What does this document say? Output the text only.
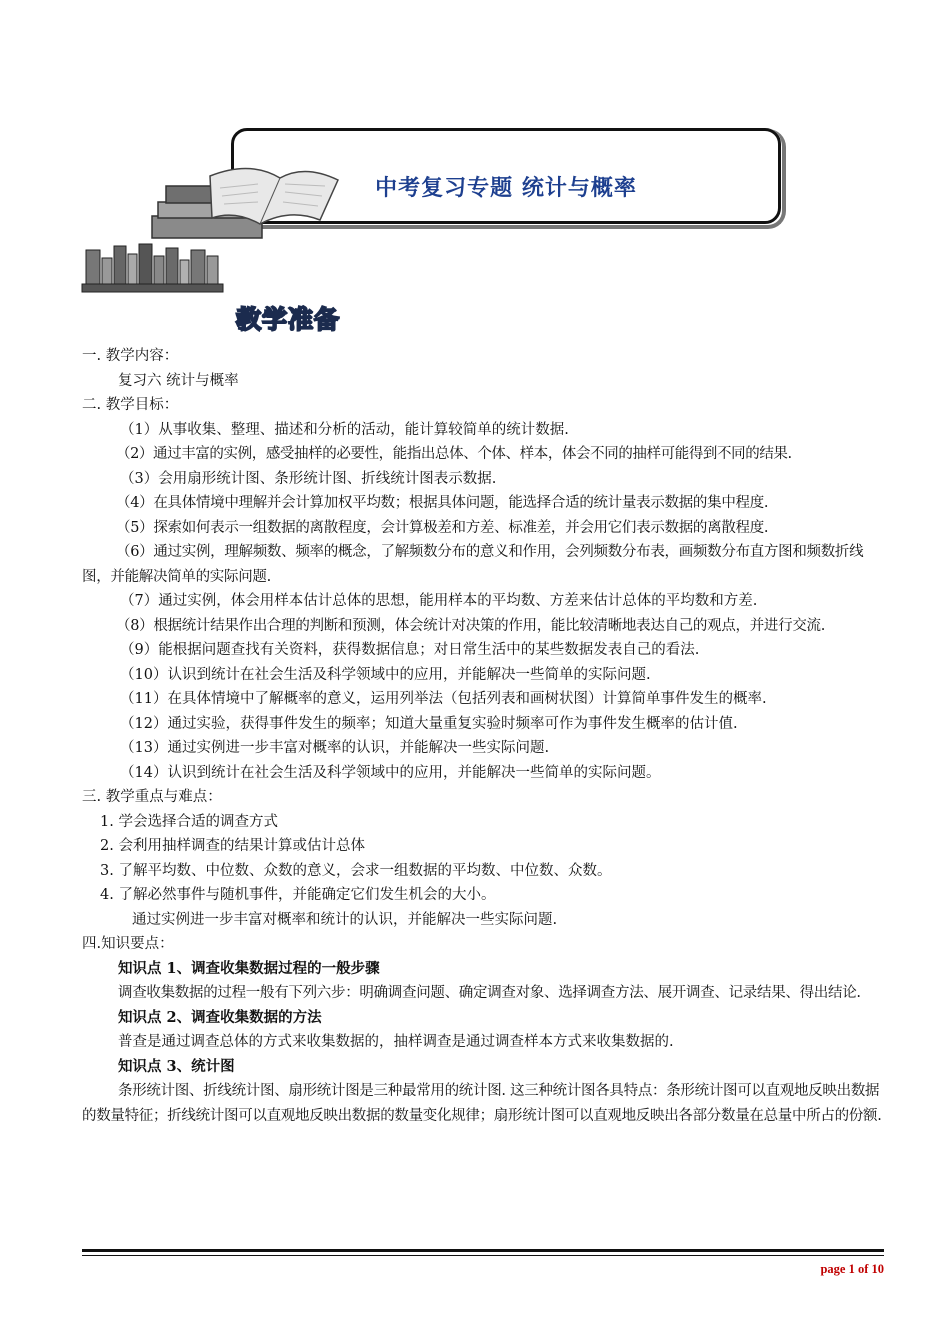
中考复习专题 统计与概率
教学准备

一. 教学内容：

复习六 统计与概率

二. 教学目标：

（1）从事收集、整理、描述和分析的活动，能计算较简单的统计数据.

（2）通过丰富的实例，感受抽样的必要性，能指出总体、个体、样本，体会不同的抽样可能得到不同的结果.

（3）会用扇形统计图、条形统计图、折线统计图表示数据.

（4）在具体情境中理解并会计算加权平均数；根据具体问题，能选择合适的统计量表示数据的集中程度.

（5）探索如何表示一组数据的离散程度，会计算极差和方差、标准差，并会用它们表示数据的离散程度.

（6）通过实例，理解频数、频率的概念，了解频数分布的意义和作用，会列频数分布表，画频数分布直方图和频数折线图，并能解决简单的实际问题.

（7）通过实例，体会用样本估计总体的思想，能用样本的平均数、方差来估计总体的平均数和方差.

（8）根据统计结果作出合理的判断和预测，体会统计对决策的作用，能比较清晰地表达自己的观点，并进行交流.

（9）能根据问题查找有关资料，获得数据信息；对日常生活中的某些数据发表自己的看法.

（10）认识到统计在社会生活及科学领域中的应用，并能解决一些简单的实际问题.

（11）在具体情境中了解概率的意义，运用列举法（包括列表和画树状图）计算简单事件发生的概率.

（12）通过实验，获得事件发生的频率；知道大量重复实验时频率可作为事件发生概率的估计值.

（13）通过实例进一步丰富对概率的认识，并能解决一些实际问题.

（14）认识到统计在社会生活及科学领域中的应用，并能解决一些简单的实际问题。

三. 教学重点与难点：

1. 学会选择合适的调查方式

2. 会利用抽样调查的结果计算或估计总体

3. 了解平均数、中位数、众数的意义，会求一组数据的平均数、中位数、众数。

4. 了解必然事件与随机事件，并能确定它们发生机会的大小。

通过实例进一步丰富对概率和统计的认识，并能解决一些实际问题.

四.知识要点：

知识点 1、调查收集数据过程的一般步骤

调查收集数据的过程一般有下列六步：明确调查问题、确定调查对象、选择调查方法、展开调查、记录结果、得出结论.

知识点 2、调查收集数据的方法

普查是通过调查总体的方式来收集数据的，抽样调查是通过调查样本方式来收集数据的.

知识点 3、统计图

条形统计图、折线统计图、扇形统计图是三种最常用的统计图. 这三种统计图各具特点：条形统计图可以直观地反映出数据的数量特征；折线统计图可以直观地反映出数据的数量变化规律；扇形统计图可以直观地反映出各部分数量在总量中所占的份额.

page 1 of 10
